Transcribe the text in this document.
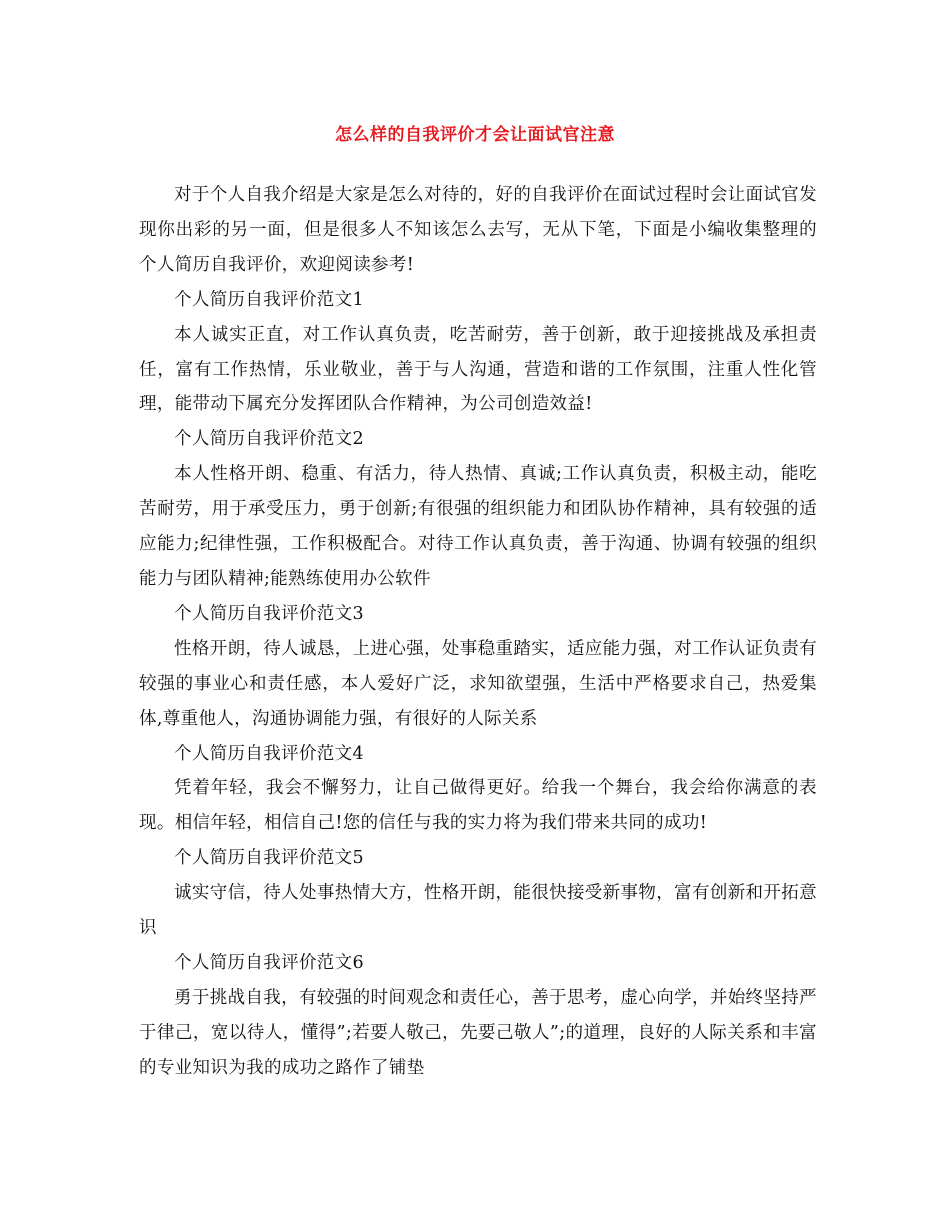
怎么样的自我评价才会让面试官注意

对于个人自我介绍是大家是怎么对待的，好的自我评价在面试过程时会让面试官发现你出彩的另一面，但是很多人不知该怎么去写，无从下笔，下面是小编收集整理的个人简历自我评价，欢迎阅读参考!

个人简历自我评价范文1

本人诚实正直，对工作认真负责，吃苦耐劳，善于创新，敢于迎接挑战及承担责任，富有工作热情，乐业敬业，善于与人沟通，营造和谐的工作氛围，注重人性化管理，能带动下属充分发挥团队合作精神，为公司创造效益!

个人简历自我评价范文2

本人性格开朗、稳重、有活力，待人热情、真诚;工作认真负责，积极主动，能吃苦耐劳，用于承受压力，勇于创新;有很强的组织能力和团队协作精神，具有较强的适应能力;纪律性强，工作积极配合。对待工作认真负责，善于沟通、协调有较强的组织能力与团队精神;能熟练使用办公软件

个人简历自我评价范文3

性格开朗，待人诚恳，上进心强，处事稳重踏实，适应能力强，对工作认证负责有较强的事业心和责任感，本人爱好广泛，求知欲望强，生活中严格要求自己，热爱集体,尊重他人，沟通协调能力强，有很好的人际关系

个人简历自我评价范文4

凭着年轻，我会不懈努力，让自己做得更好。给我一个舞台，我会给你满意的表现。相信年轻，相信自己!您的信任与我的实力将为我们带来共同的成功!

个人简历自我评价范文5

诚实守信，待人处事热情大方，性格开朗，能很快接受新事物，富有创新和开拓意识

个人简历自我评价范文6

勇于挑战自我，有较强的时间观念和责任心，善于思考，虚心向学，并始终坚持严于律己，宽以待人，懂得”;若要人敬己，先要己敬人”;的道理，良好的人际关系和丰富的专业知识为我的成功之路作了铺垫
